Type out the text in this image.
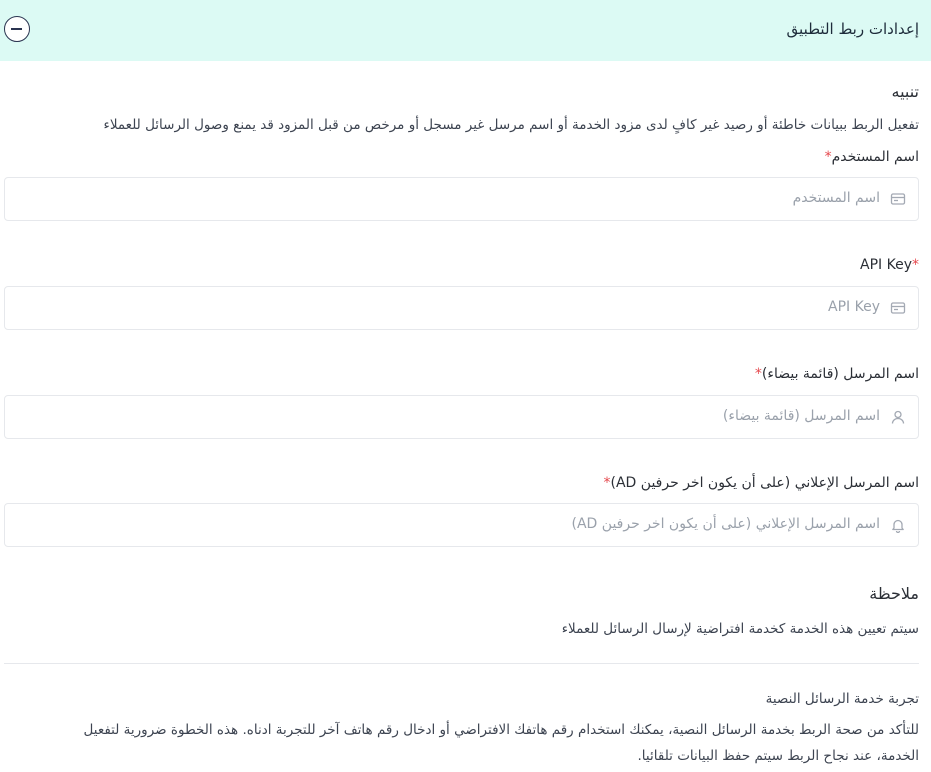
إعدادات ربط التطبيق
تنبيه
تفعيل الربط ببيانات خاطئة أو رصيد غير كافٍ لدى مزود الخدمة أو اسم مرسل غير مسجل أو مرخص من قبل المزود قد يمنع وصول الرسائل للعملاء
اسم المستخدم*
اسم المستخدم
*API Key
API Key
اسم المرسل (قائمة بيضاء)*
اسم المرسل (قائمة بيضاء)
اسم المرسل الإعلاني (على أن يكون اخر حرفين AD)*
اسم المرسل الإعلاني (على أن يكون اخر حرفين AD)
ملاحظة
سيتم تعيين هذه الخدمة كخدمة افتراضية لإرسال الرسائل للعملاء
تجربة خدمة الرسائل النصية
للتأكد من صحة الربط بخدمة الرسائل النصية، يمكنك استخدام رقم هاتفك الافتراضي أو ادخال رقم هاتف آخر للتجربة ادناه. هذه الخطوة ضرورية لتفعيل
الخدمة، عند نجاح الربط سيتم حفظ البيانات تلقائيا.
